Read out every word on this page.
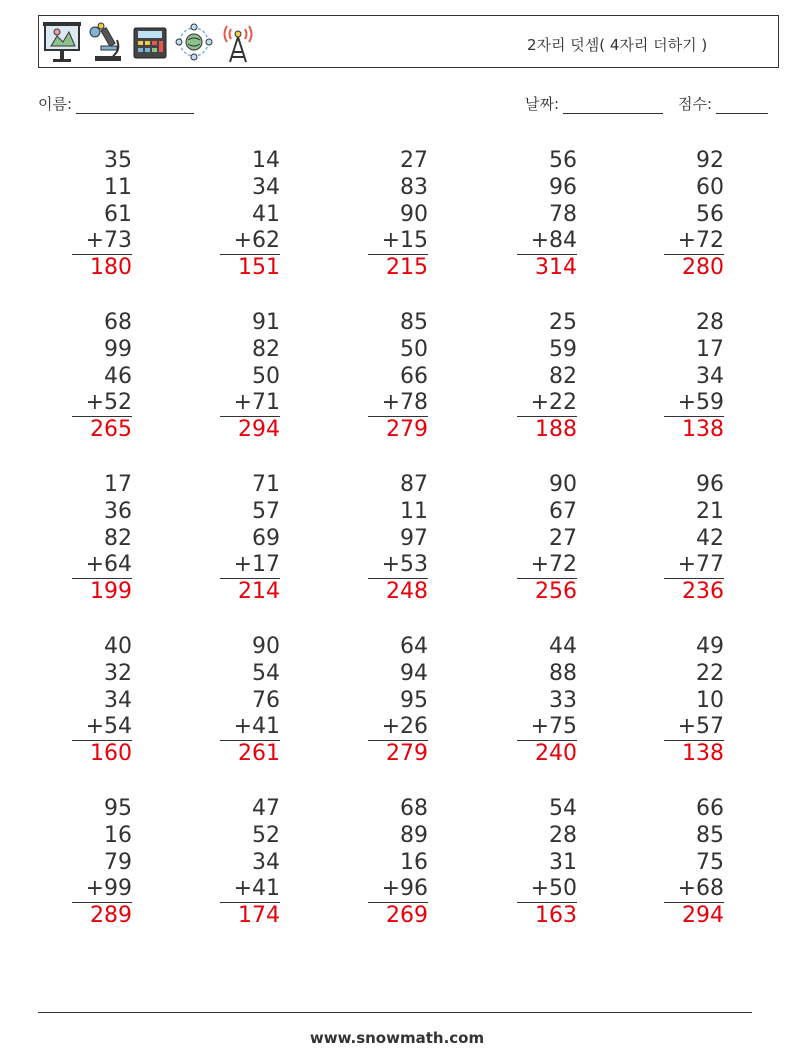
2자리 덧셈( 4자리 더하기 )
이름:	날짜:	점수:
35
11
61
+73
180
14
34
41
+62
151
27
83
90
+15
215
56
96
78
+84
314
92
60
56
+72
280
68
99
46
+52
265
91
82
50
+71
294
85
50
66
+78
279
25
59
82
+22
188
28
17
34
+59
138
17
36
82
+64
199
71
57
69
+17
214
87
11
97
+53
248
90
67
27
+72
256
96
21
42
+77
236
40
32
34
+54
160
90
54
76
+41
261
64
94
95
+26
279
44
88
33
+75
240
49
22
10
+57
138
95
16
79
+99
289
47
52
34
+41
174
68
89
16
+96
269
54
28
31
+50
163
66
85
75
+68
294
www.snowmath.com
